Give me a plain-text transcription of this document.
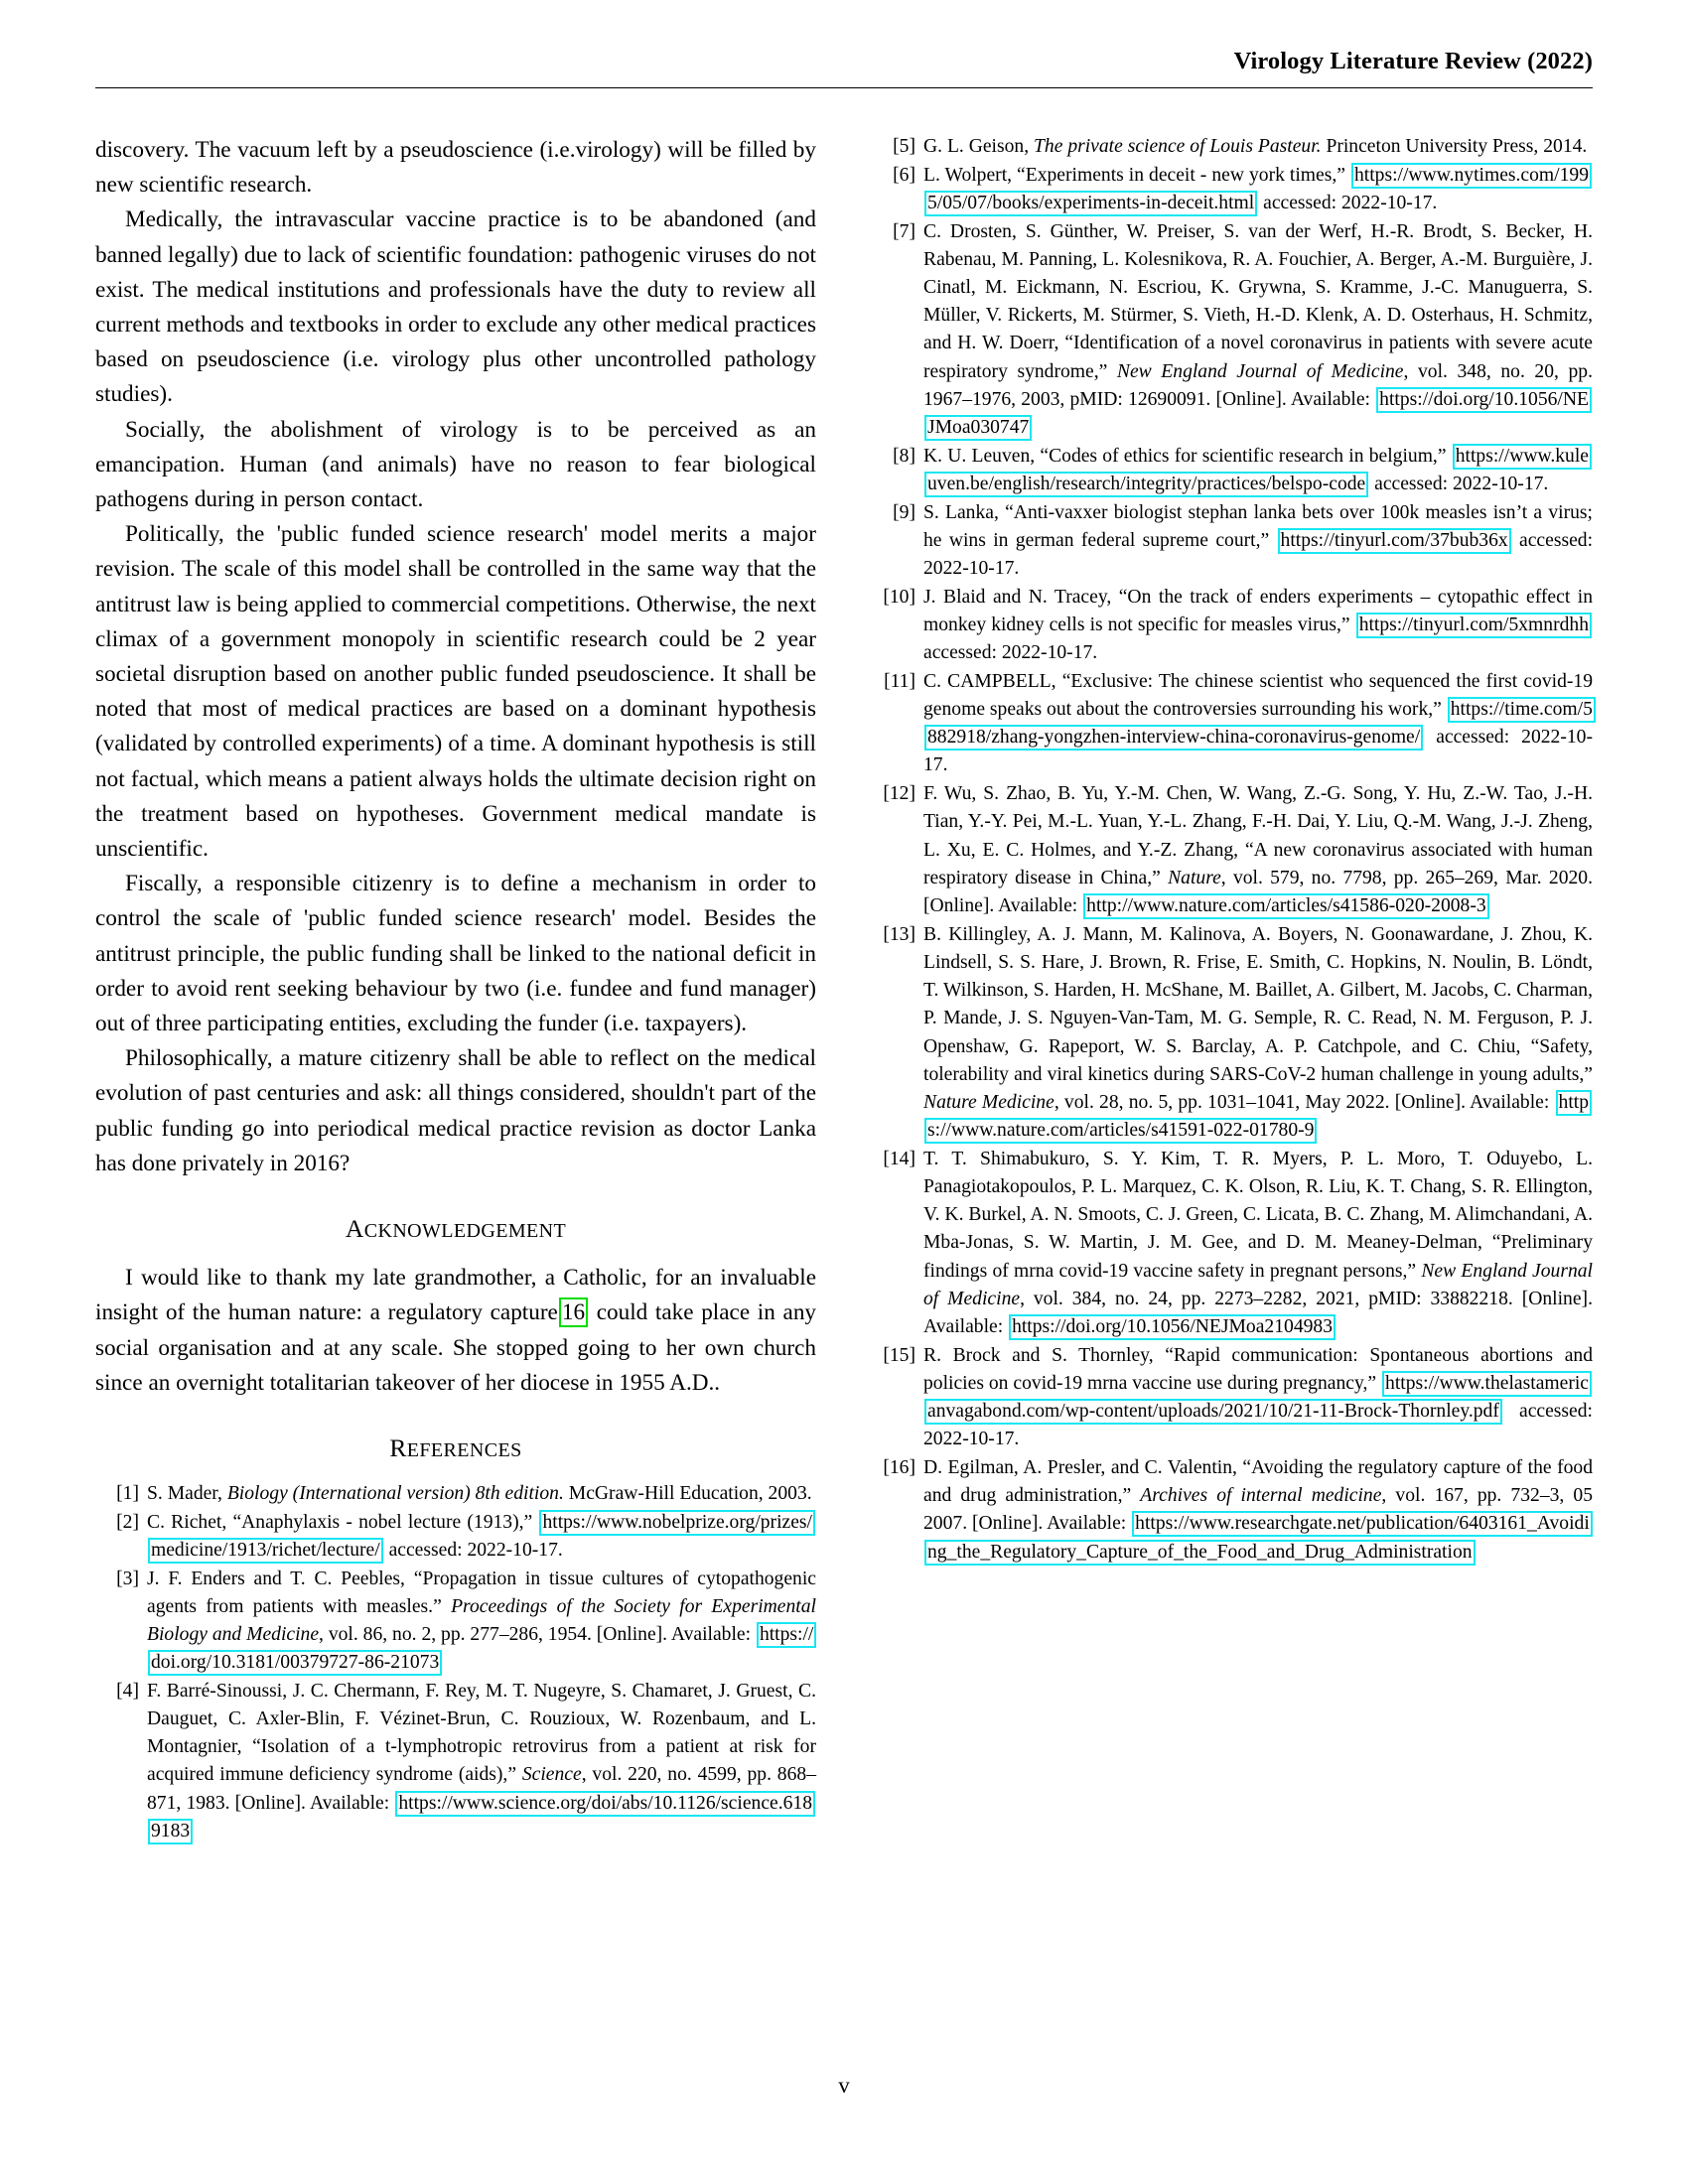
Virology Literature Review (2022)

discovery. The vacuum left by a pseudoscience (i.e.virology) will be filled by new scientific research.

Medically, the intravascular vaccine practice is to be abandoned (and banned legally) due to lack of scientific foundation: pathogenic viruses do not exist. The medical institutions and professionals have the duty to review all current methods and textbooks in order to exclude any other medical practices based on pseudoscience (i.e. virology plus other uncontrolled pathology studies).

Socially, the abolishment of virology is to be perceived as an emancipation. Human (and animals) have no reason to fear biological pathogens during in person contact.

Politically, the 'public funded science research' model merits a major revision. The scale of this model shall be controlled in the same way that the antitrust law is being applied to commercial competitions. Otherwise, the next climax of a government monopoly in scientific research could be 2 year societal disruption based on another public funded pseudoscience. It shall be noted that most of medical practices are based on a dominant hypothesis (validated by controlled experiments) of a time. A dominant hypothesis is still not factual, which means a patient always holds the ultimate decision right on the treatment based on hypotheses. Government medical mandate is unscientific.

Fiscally, a responsible citizenry is to define a mechanism in order to control the scale of 'public funded science research' model. Besides the antitrust principle, the public funding shall be linked to the national deficit in order to avoid rent seeking behaviour by two (i.e. fundee and fund manager) out of three participating entities, excluding the funder (i.e. taxpayers).

Philosophically, a mature citizenry shall be able to reflect on the medical evolution of past centuries and ask: all things considered, shouldn't part of the public funding go into periodical medical practice revision as doctor Lanka has done privately in 2016?

ACKNOWLEDGEMENT

I would like to thank my late grandmother, a Catholic, for an invaluable insight of the human nature: a regulatory capture 16 could take place in any social organisation and at any scale. She stopped going to her own church since an overnight totalitarian takeover of her diocese in 1955 A.D..

REFERENCES
[1] S. Mader, Biology (International version) 8th edition. McGraw-Hill Education, 2003.
[2] C. Richet, “Anaphylaxis - nobel lecture (1913),” https://www.nobelprize.org/prizes/medicine/1913/richet/lecture/ accessed: 2022-10-17.
[3] J. F. Enders and T. C. Peebles, “Propagation in tissue cultures of cytopathogenic agents from patients with measles.” Proceedings of the Society for Experimental Biology and Medicine, vol. 86, no. 2, pp. 277–286, 1954. [Online]. Available: https://doi.org/10.3181/00379727-86-21073
[4] F. Barré-Sinoussi, J. C. Chermann, F. Rey, M. T. Nugeyre, S. Chamaret, J. Gruest, C. Dauguet, C. Axler-Blin, F. Vézinet-Brun, C. Rouzioux, W. Rozenbaum, and L. Montagnier, “Isolation of a t-lymphotropic retrovirus from a patient at risk for acquired immune deficiency syndrome (aids),” Science, vol. 220, no. 4599, pp. 868–871, 1983. [Online]. Available: https://www.science.org/doi/abs/10.1126/science.6189183
[5] G. L. Geison, The private science of Louis Pasteur. Princeton University Press, 2014.
[6] L. Wolpert, “Experiments in deceit - new york times,” https://www.nytimes.com/1995/05/07/books/experiments-in-deceit.html accessed: 2022-10-17.
[7] C. Drosten, S. Günther, W. Preiser, S. van der Werf, H.-R. Brodt, S. Becker, H. Rabenau, M. Panning, L. Kolesnikova, R. A. Fouchier, A. Berger, A.-M. Burguière, J. Cinatl, M. Eickmann, N. Escriou, K. Grywna, S. Kramme, J.-C. Manuguerra, S. Müller, V. Rickerts, M. Stürmer, S. Vieth, H.-D. Klenk, A. D. Osterhaus, H. Schmitz, and H. W. Doerr, “Identification of a novel coronavirus in patients with severe acute respiratory syndrome,” New England Journal of Medicine, vol. 348, no. 20, pp. 1967–1976, 2003, pMID: 12690091. [Online]. Available: https://doi.org/10.1056/NEJMoa030747
[8] K. U. Leuven, “Codes of ethics for scientific research in belgium,” https://www.kuleuven.be/english/research/integrity/practices/belspo-code accessed: 2022-10-17.
[9] S. Lanka, “Anti-vaxxer biologist stephan lanka bets over 100k measles isn’t a virus; he wins in german federal supreme court,” https://tinyurl.com/37bub36x accessed: 2022-10-17.
[10] J. Blaid and N. Tracey, “On the track of enders experiments – cytopathic effect in monkey kidney cells is not specific for measles virus,” https://tinyurl.com/5xmnrdhh accessed: 2022-10-17.
[11] C. CAMPBELL, “Exclusive: The chinese scientist who sequenced the first covid-19 genome speaks out about the controversies surrounding his work,” https://time.com/5882918/zhang-yongzhen-interview-china-coronavirus-genome/ accessed: 2022-10-17.
[12] F. Wu, S. Zhao, B. Yu, Y.-M. Chen, W. Wang, Z.-G. Song, Y. Hu, Z.-W. Tao, J.-H. Tian, Y.-Y. Pei, M.-L. Yuan, Y.-L. Zhang, F.-H. Dai, Y. Liu, Q.-M. Wang, J.-J. Zheng, L. Xu, E. C. Holmes, and Y.-Z. Zhang, “A new coronavirus associated with human respiratory disease in China,” Nature, vol. 579, no. 7798, pp. 265–269, Mar. 2020. [Online]. Available: http://www.nature.com/articles/s41586-020-2008-3
[13] B. Killingley, A. J. Mann, M. Kalinova, A. Boyers, N. Goonawardane, J. Zhou, K. Lindsell, S. S. Hare, J. Brown, R. Frise, E. Smith, C. Hopkins, N. Noulin, B. Löndt, T. Wilkinson, S. Harden, H. McShane, M. Baillet, A. Gilbert, M. Jacobs, C. Charman, P. Mande, J. S. Nguyen-Van-Tam, M. G. Semple, R. C. Read, N. M. Ferguson, P. J. Openshaw, G. Rapeport, W. S. Barclay, A. P. Catchpole, and C. Chiu, “Safety, tolerability and viral kinetics during SARS-CoV-2 human challenge in young adults,” Nature Medicine, vol. 28, no. 5, pp. 1031–1041, May 2022. [Online]. Available: https://www.nature.com/articles/s41591-022-01780-9
[14] T. T. Shimabukuro, S. Y. Kim, T. R. Myers, P. L. Moro, T. Oduyebo, L. Panagiotakopoulos, P. L. Marquez, C. K. Olson, R. Liu, K. T. Chang, S. R. Ellington, V. K. Burkel, A. N. Smoots, C. J. Green, C. Licata, B. C. Zhang, M. Alimchandani, A. Mba-Jonas, S. W. Martin, J. M. Gee, and D. M. Meaney-Delman, “Preliminary findings of mrna covid-19 vaccine safety in pregnant persons,” New England Journal of Medicine, vol. 384, no. 24, pp. 2273–2282, 2021, pMID: 33882218. [Online]. Available: https://doi.org/10.1056/NEJMoa2104983
[15] R. Brock and S. Thornley, “Rapid communication: Spontaneous abortions and policies on covid-19 mrna vaccine use during pregnancy,” https://www.thelastamericanvagabond.com/wp-content/uploads/2021/10/21-11-Brock-Thornley.pdf accessed: 2022-10-17.
[16] D. Egilman, A. Presler, and C. Valentin, “Avoiding the regulatory capture of the food and drug administration,” Archives of internal medicine, vol. 167, pp. 732–3, 05 2007. [Online]. Available: https://www.researchgate.net/publication/6403161_Avoiding_the_Regulatory_Capture_of_the_Food_and_Drug_Administration
v
